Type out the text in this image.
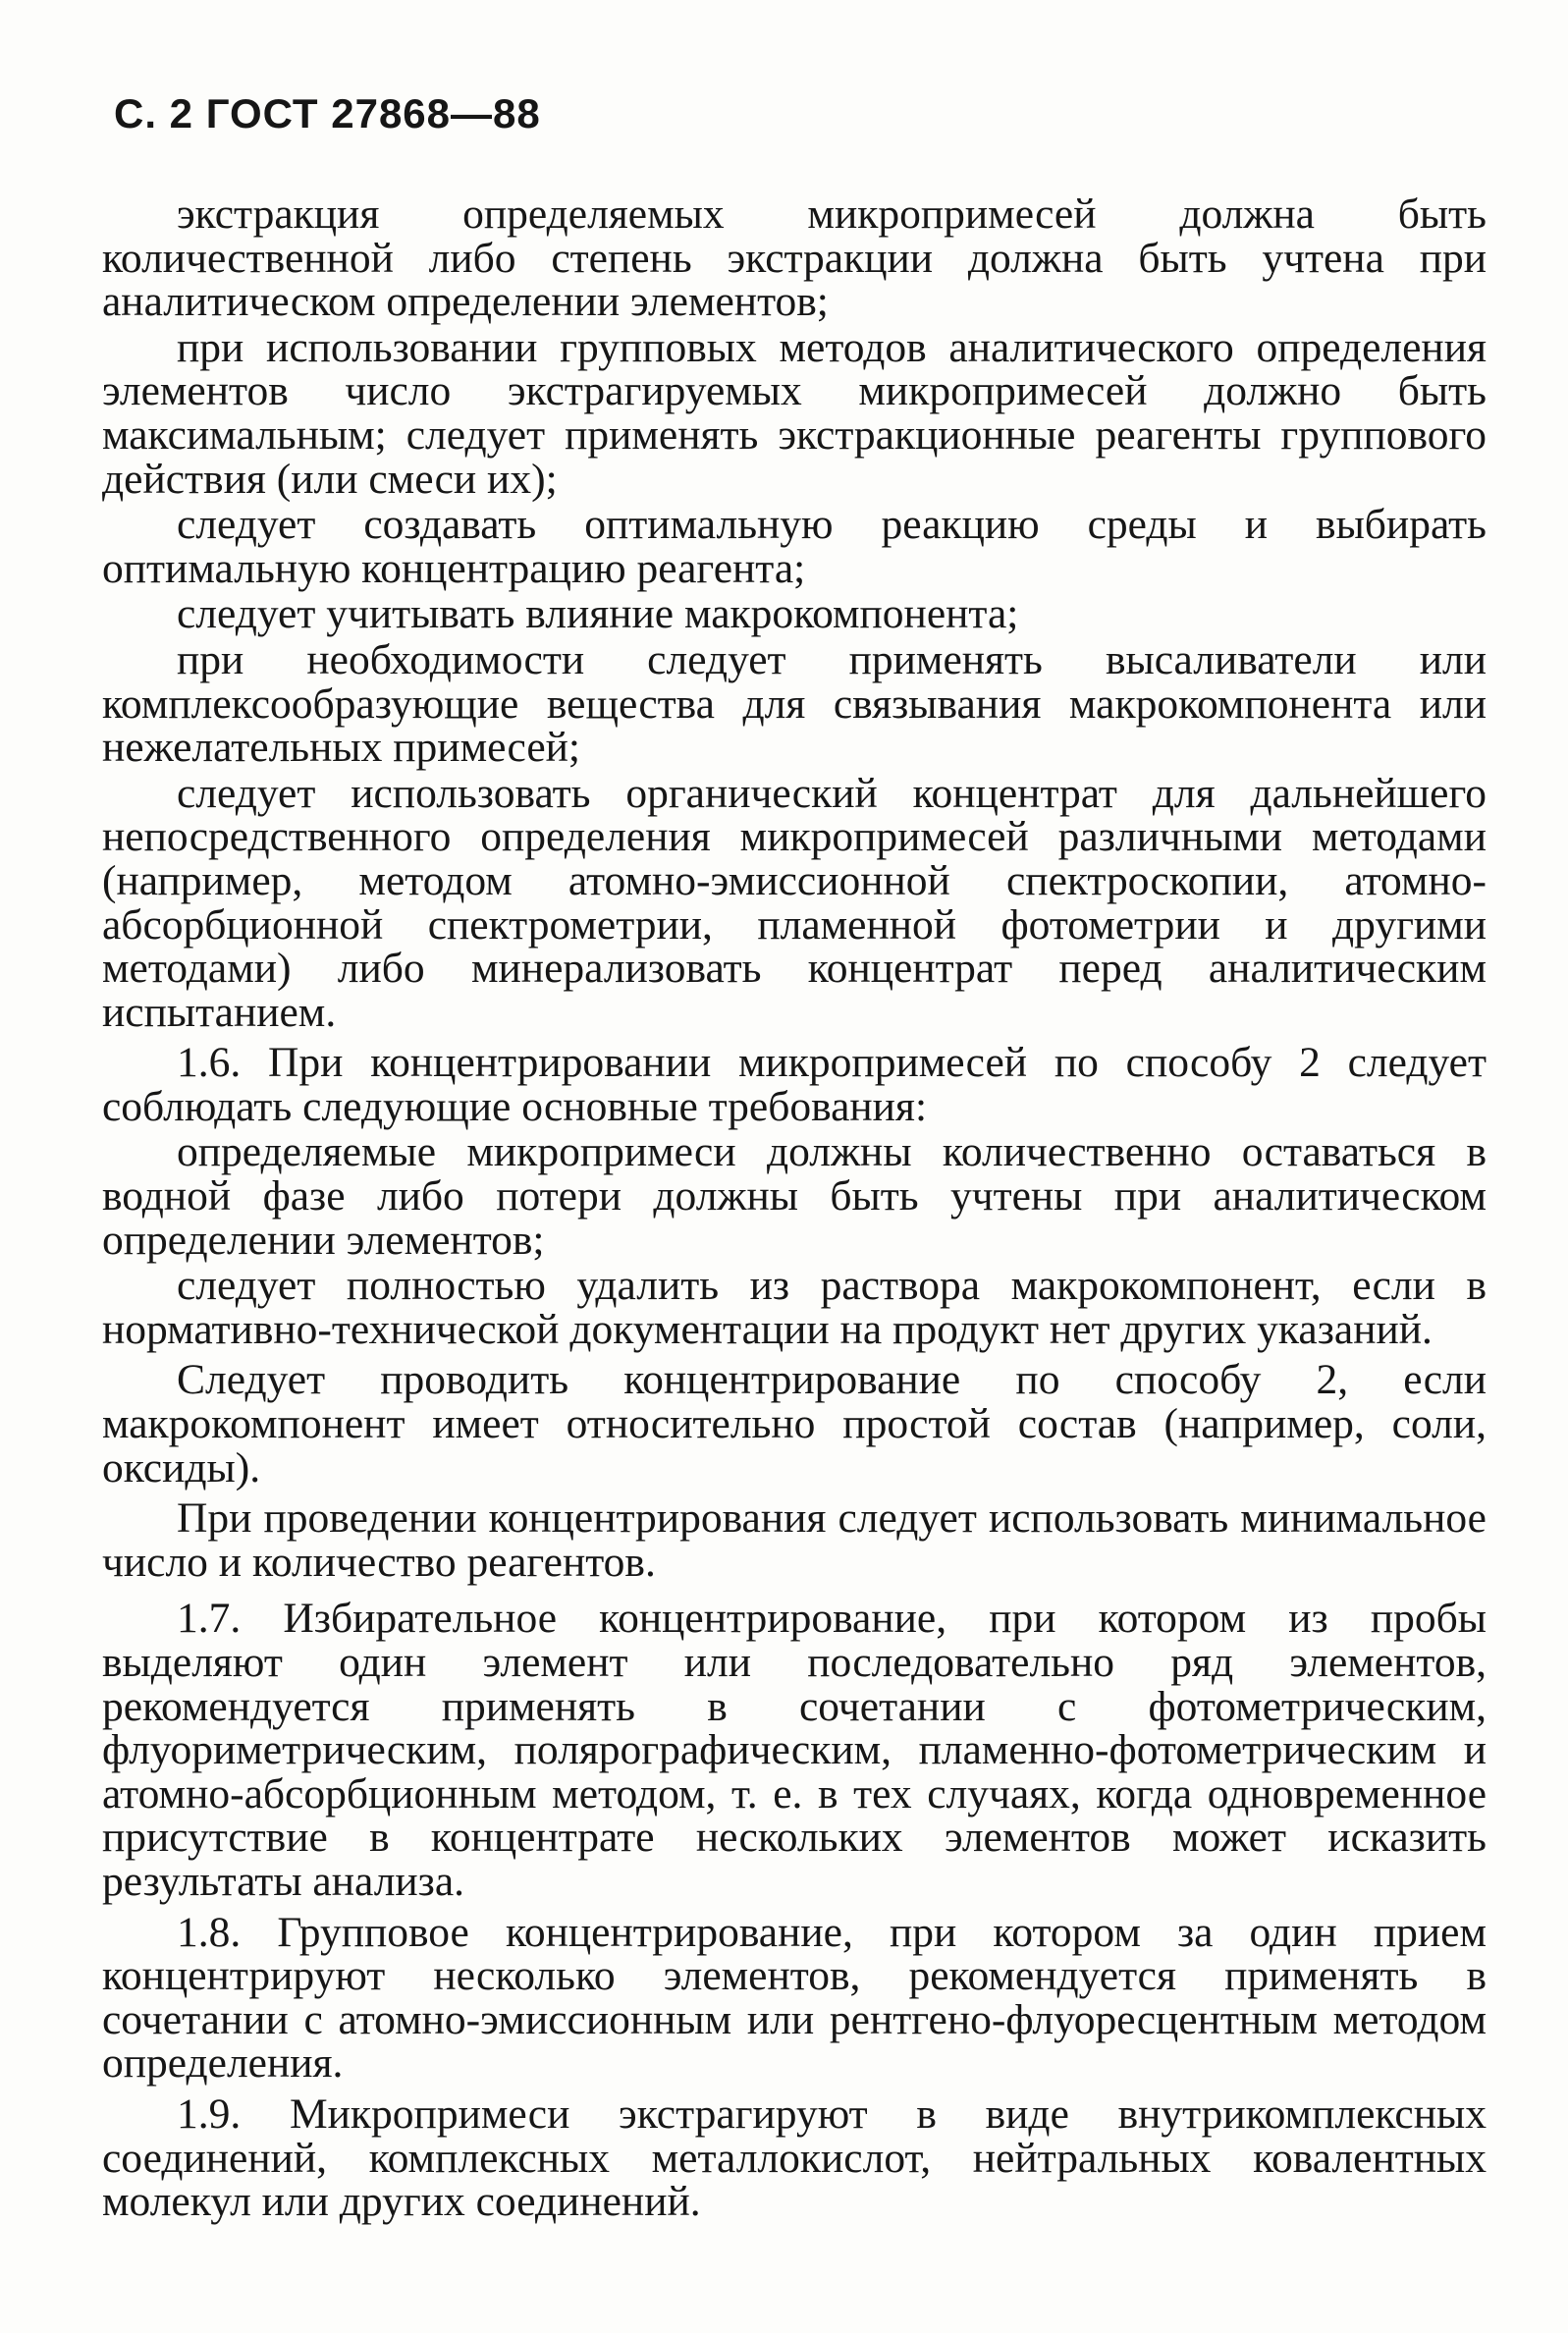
С. 2 ГОСТ 27868—88

экстракция определяемых микропримесей должна быть количественной либо степень экстракции должна быть учтена при аналитическом определении элементов;

при использовании групповых методов аналитического определения элементов число экстрагируемых микропримесей должно быть максимальным; следует применять экстракционные реагенты группового действия (или смеси их);

следует создавать оптимальную реакцию среды и выбирать оптимальную концентрацию реагента;

следует учитывать влияние макрокомпонента;

при необходимости следует применять высаливатели или комплексообразующие вещества для связывания макрокомпонента или нежелательных примесей;

следует использовать органический концентрат для дальнейшего непосредственного определения микропримесей различными методами (например, методом атомно-эмиссионной спектроскопии, атомно-абсорбционной спектрометрии, пламенной фотометрии и другими методами) либо минерализовать концентрат перед аналитическим испытанием.

1.6. При концентрировании микропримесей по способу 2 следует соблюдать следующие основные требования:

определяемые микропримеси должны количественно оставаться в водной фазе либо потери должны быть учтены при аналитическом определении элементов;

следует полностью удалить из раствора макрокомпонент, если в нормативно-технической документации на продукт нет других указаний.

Следует проводить концентрирование по способу 2, если макрокомпонент имеет относительно простой состав (например, соли, оксиды).

При проведении концентрирования следует использовать минимальное число и количество реагентов.

1.7. Избирательное концентрирование, при котором из пробы выделяют один элемент или последовательно ряд элементов, рекомендуется применять в сочетании с фотометрическим, флуориметрическим, полярографическим, пламенно-фотометрическим и атомно-абсорбционным методом, т. е. в тех случаях, когда одновременное присутствие в концентрате нескольких элементов может исказить результаты анализа.

1.8. Групповое концентрирование, при котором за один прием концентрируют несколько элементов, рекомендуется применять в сочетании с атомно-эмиссионным или рентгено-флуоресцентным методом определения.

1.9. Микропримеси экстрагируют в виде внутрикомплексных соединений, комплексных металлокислот, нейтральных ковалентных молекул или других соединений.
